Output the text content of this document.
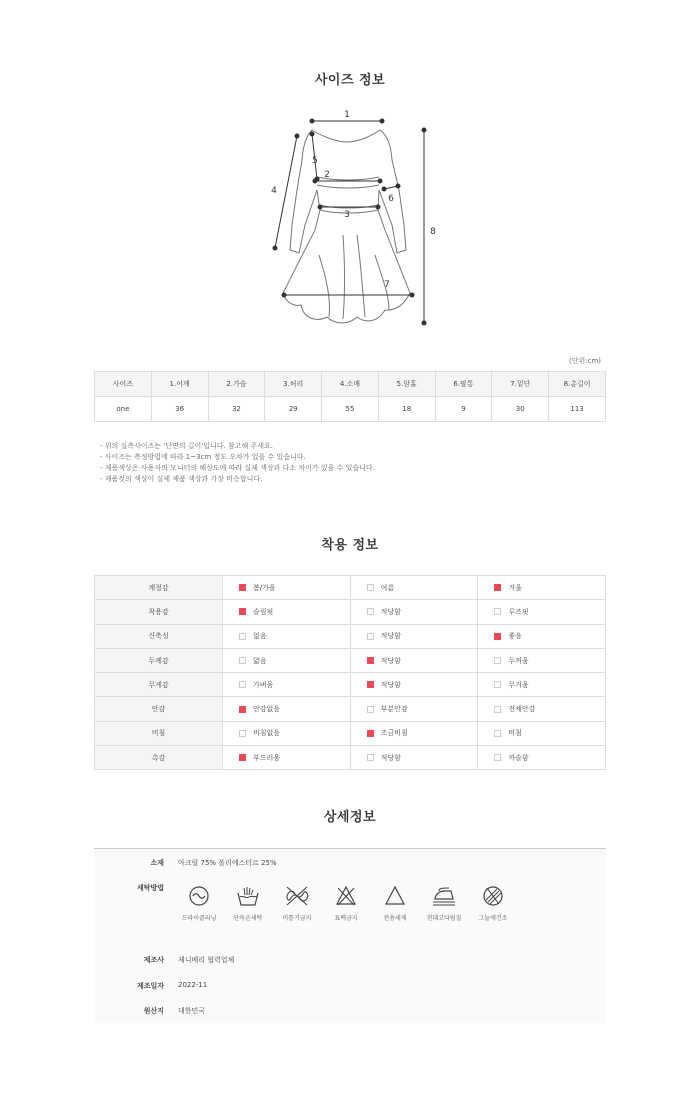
사이즈 정보
1
2
3
4
5
6
7
8
(단위:cm)
사이즈	1.어깨	2.가슴	3.허리	4.소매	5.암홀	6.팔통	7.밑단	8.총길이
one	36	32	29	55	18	9	30	113
- 위의 실측사이즈는 '단면의 길이'입니다. 참고해 주세요.
- 사이즈는 측정방법에 따라 1~3cm 정도 오차가 있을 수 있습니다.
- 제품색상은 사용자의 모니터의 해상도에 따라 실제 색상과 다소 차이가 있을 수 있습니다.
- 제품컷의 색상이 실제 제품 색상과 가장 비슷합니다.
착용 정보
계절감	봄/가을	여름	겨울
착용감	슬림핏	적당함	루즈핏
신축성	없음	적당함	좋음
두께감	얇음	적당함	두꺼움
무게감	가벼움	적당함	무거움
안감	안감없음	부분안감	전체안감
비침	비침없음	조금비침	비침
촉감	부드러움	적당함	까슬함
상세정보
소재 아크릴 75% 폴리에스터르 25%
세탁방법
드라이클리닝	단독손세탁	비틀기금지	표백금지	전용세제	천대고다림질	그늘에건조
제조사 제니베리 협력업체
제조일자 2022-11
원산지 대한민국
